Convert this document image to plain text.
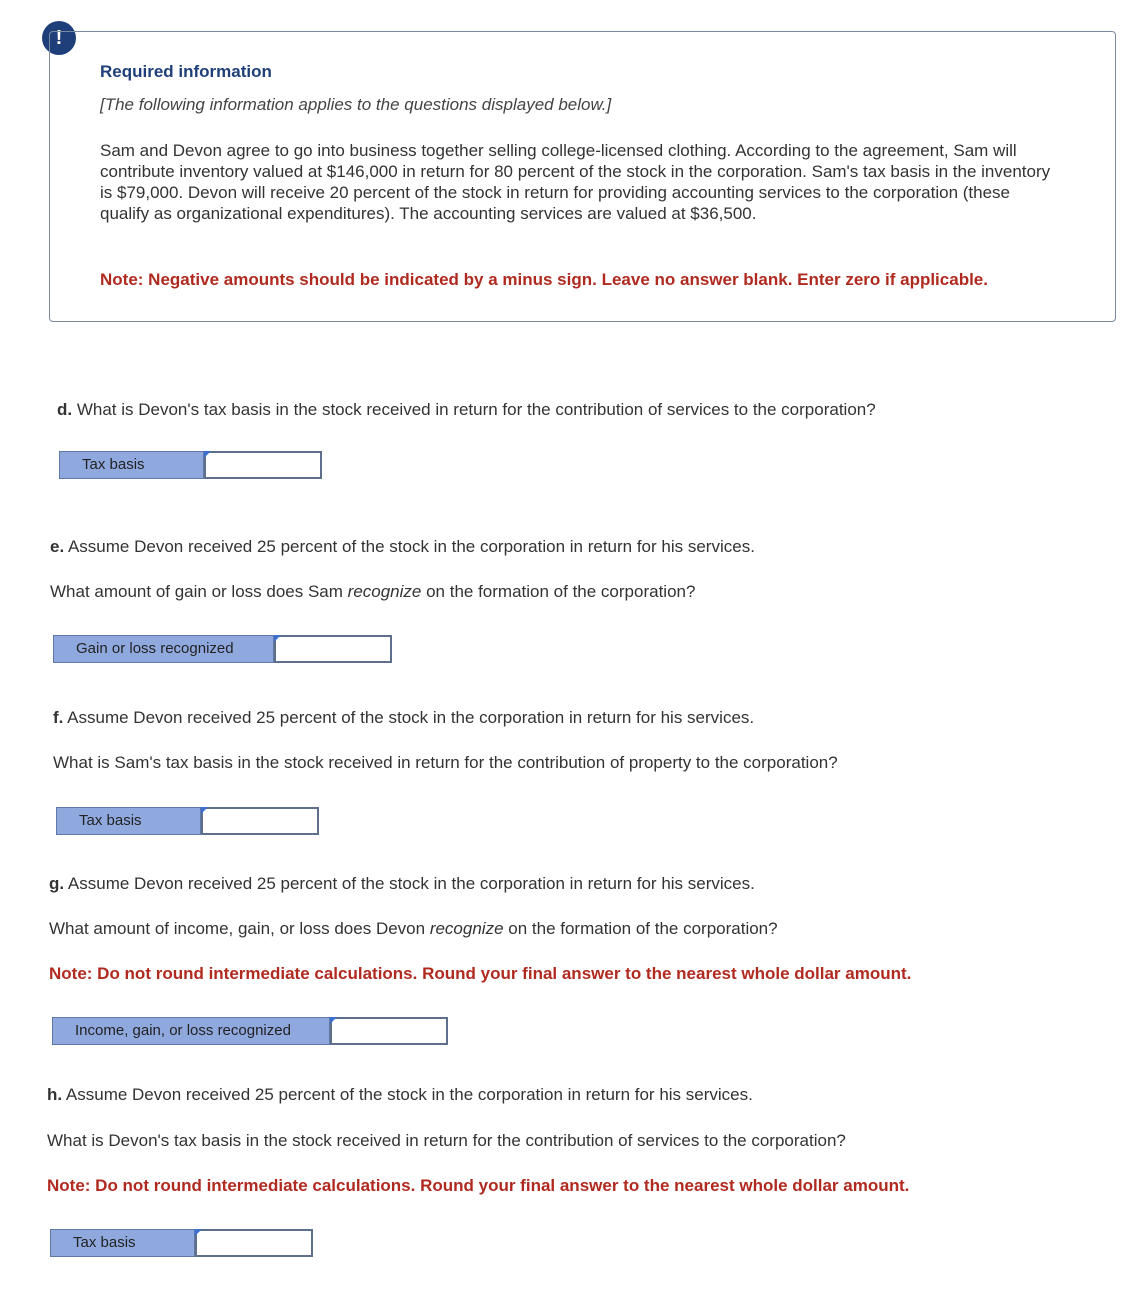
!
Required information
[The following information applies to the questions displayed below.]
Sam and Devon agree to go into business together selling college-licensed clothing. According to the agreement, Sam will contribute inventory valued at $146,000 in return for 80 percent of the stock in the corporation. Sam's tax basis in the inventory is $79,000. Devon will receive 20 percent of the stock in return for providing accounting services to the corporation (these qualify as organizational expenditures). The accounting services are valued at $36,500.
Note: Negative amounts should be indicated by a minus sign. Leave no answer blank. Enter zero if applicable.
d. What is Devon's tax basis in the stock received in return for the contribution of services to the corporation?
Tax basis
e. Assume Devon received 25 percent of the stock in the corporation in return for his services.
What amount of gain or loss does Sam recognize on the formation of the corporation?
Gain or loss recognized
f. Assume Devon received 25 percent of the stock in the corporation in return for his services.
What is Sam's tax basis in the stock received in return for the contribution of property to the corporation?
Tax basis
g. Assume Devon received 25 percent of the stock in the corporation in return for his services.
What amount of income, gain, or loss does Devon recognize on the formation of the corporation?
Note: Do not round intermediate calculations. Round your final answer to the nearest whole dollar amount.
Income, gain, or loss recognized
h. Assume Devon received 25 percent of the stock in the corporation in return for his services.
What is Devon's tax basis in the stock received in return for the contribution of services to the corporation?
Note: Do not round intermediate calculations. Round your final answer to the nearest whole dollar amount.
Tax basis
